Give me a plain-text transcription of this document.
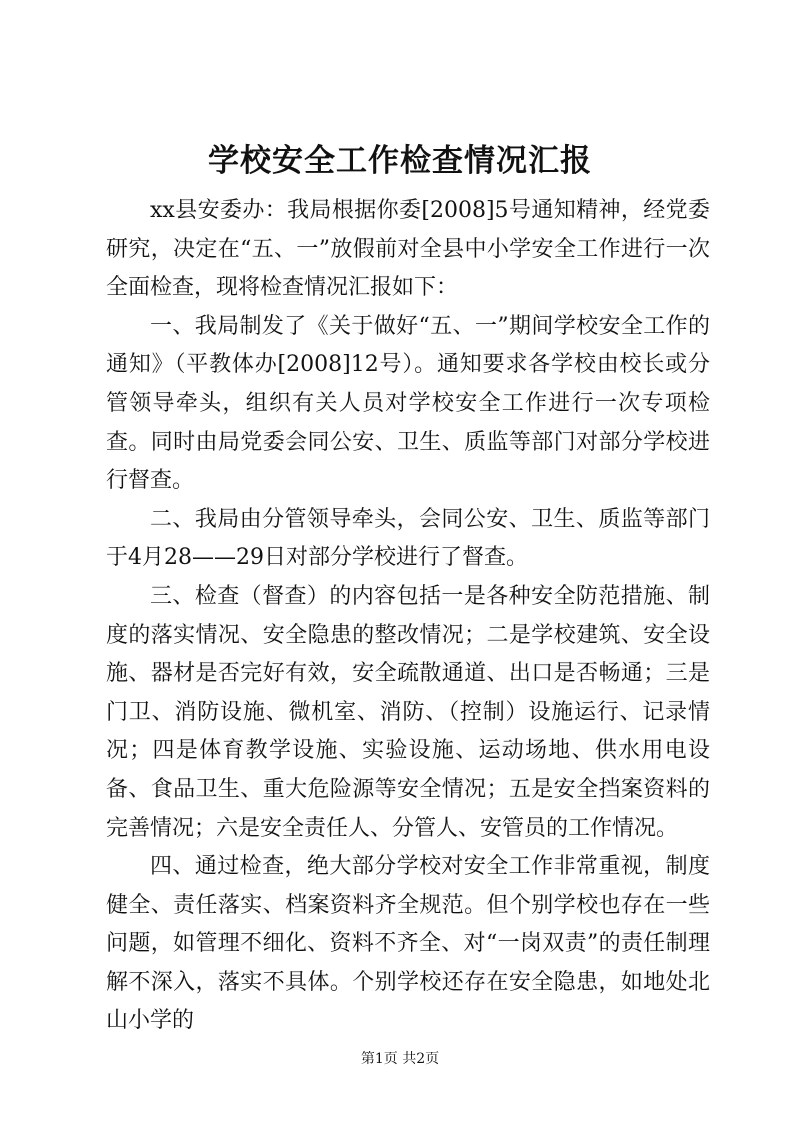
学校安全工作检查情况汇报

xx县安委办：我局根据你委[2008]5号通知精神，经党委研究，决定在“五、一”放假前对全县中小学安全工作进行一次全面检查，现将检查情况汇报如下：

一、我局制发了《关于做好“五、一”期间学校安全工作的通知》（平教体办[2008]12号）。通知要求各学校由校长或分管领导牵头，组织有关人员对学校安全工作进行一次专项检查。同时由局党委会同公安、卫生、质监等部门对部分学校进行督查。

二、我局由分管领导牵头，会同公安、卫生、质监等部门于4月28——29日对部分学校进行了督查。

三、检查（督查）的内容包括一是各种安全防范措施、制度的落实情况、安全隐患的整改情况；二是学校建筑、安全设施、器材是否完好有效，安全疏散通道、出口是否畅通；三是门卫、消防设施、微机室、消防、（控制）设施运行、记录情况；四是体育教学设施、实验设施、运动场地、供水用电设备、食品卫生、重大危险源等安全情况；五是安全挡案资料的完善情况；六是安全责任人、分管人、安管员的工作情况。

四、通过检查，绝大部分学校对安全工作非常重视，制度健全、责任落实、档案资料齐全规范。但个别学校也存在一些问题，如管理不细化、资料不齐全、对“一岗双责”的责任制理解不深入，落实不具体。个别学校还存在安全隐患，如地处北山小学的

第1页 共2页
